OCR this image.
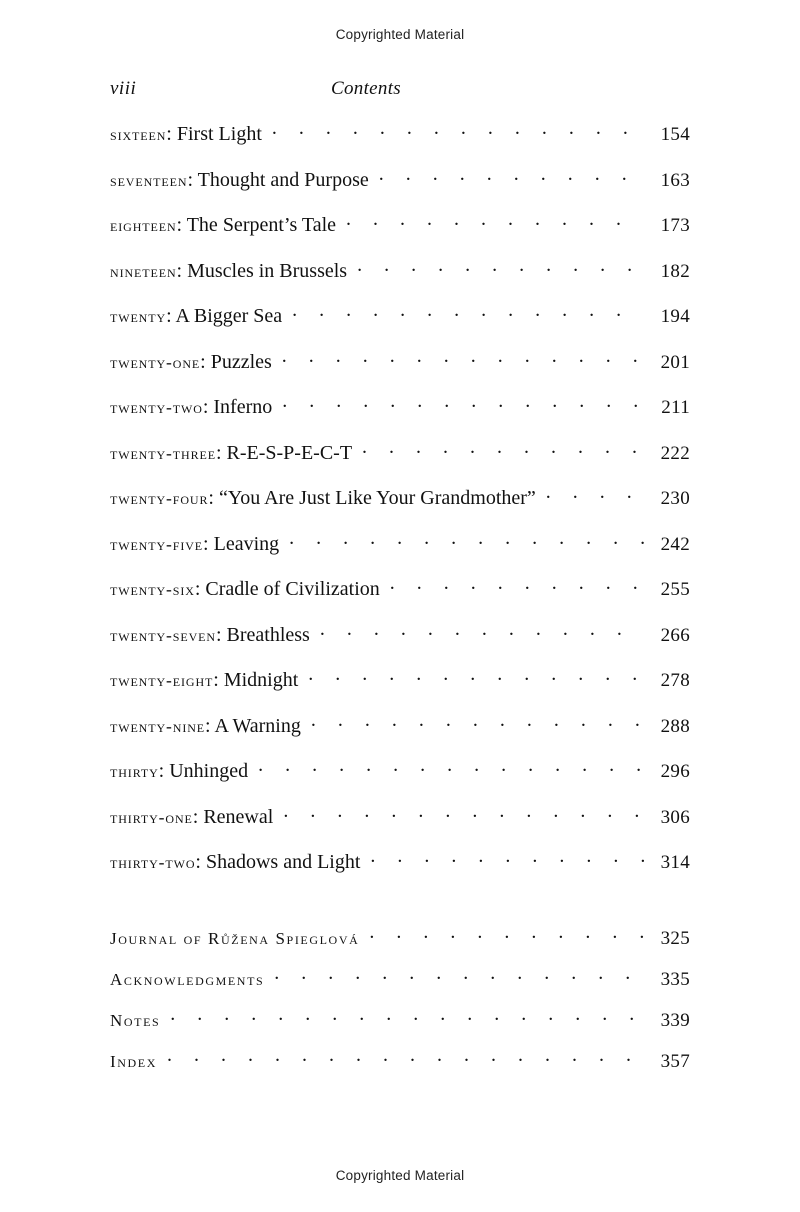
Copyrighted Material
viii	Contents
sixteen: First Light . .	154
seventeen: Thought and Purpose . .	163
eighteen: The Serpent’s Tale . .	173
nineteen: Muscles in Brussels . .	182
twenty: A Bigger Sea . .	194
twenty-one: Puzzles . .	201
twenty-two: Inferno . .	211
twenty-three: R-E-S-P-E-C-T . .	222
twenty-four: “You Are Just Like Your Grandmother” . .	230
twenty-five: Leaving . .	242
twenty-six: Cradle of Civilization . .	255
twenty-seven: Breathless . .	266
twenty-eight: Midnight . .	278
twenty-nine: A Warning . .	288
thirty: Unhinged . .	296
thirty-one: Renewal . .	306
thirty-two: Shadows and Light . .	314
Journal of Růžena Spieglová . .	325
Acknowledgments . .	335
Notes . .	339
Index . .	357
Copyrighted Material
